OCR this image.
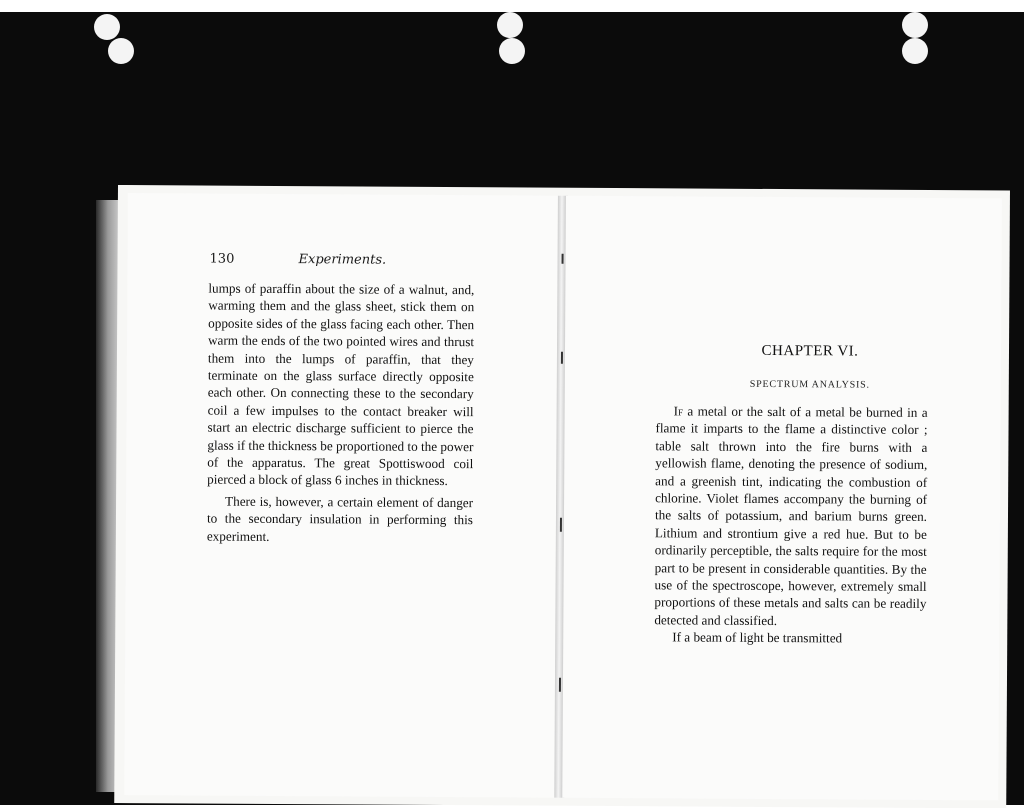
130	Experiments.

lumps of paraffin about the size of a walnut, and, warming them and the glass sheet, stick them on opposite sides of the glass facing each other. Then warm the ends of the two pointed wires and thrust them into the lumps of paraffin, that they terminate on the glass surface directly opposite each other. On connecting these to the secondary coil a few impulses to the contact breaker will start an electric discharge sufficient to pierce the glass if the thickness be proportioned to the power of the apparatus. The great Spottiswood coil pierced a block of glass 6 inches in thickness.

There is, however, a certain element of danger to the secondary insulation in performing this experiment.

CHAPTER VI.
SPECTRUM ANALYSIS.

If a metal or the salt of a metal be burned in a flame it imparts to the flame a distinctive color ; table salt thrown into the fire burns with a yellowish flame, denoting the presence of sodium, and a greenish tint, indicating the combustion of chlorine. Violet flames accompany the burning of the salts of potassium, and barium burns green. Lithium and strontium give a red hue. But to be ordinarily perceptible, the salts require for the most part to be present in considerable quantities. By the use of the spectroscope, however, extremely small proportions of these metals and salts can be readily detected and classified.

If a beam of light be transmitted
